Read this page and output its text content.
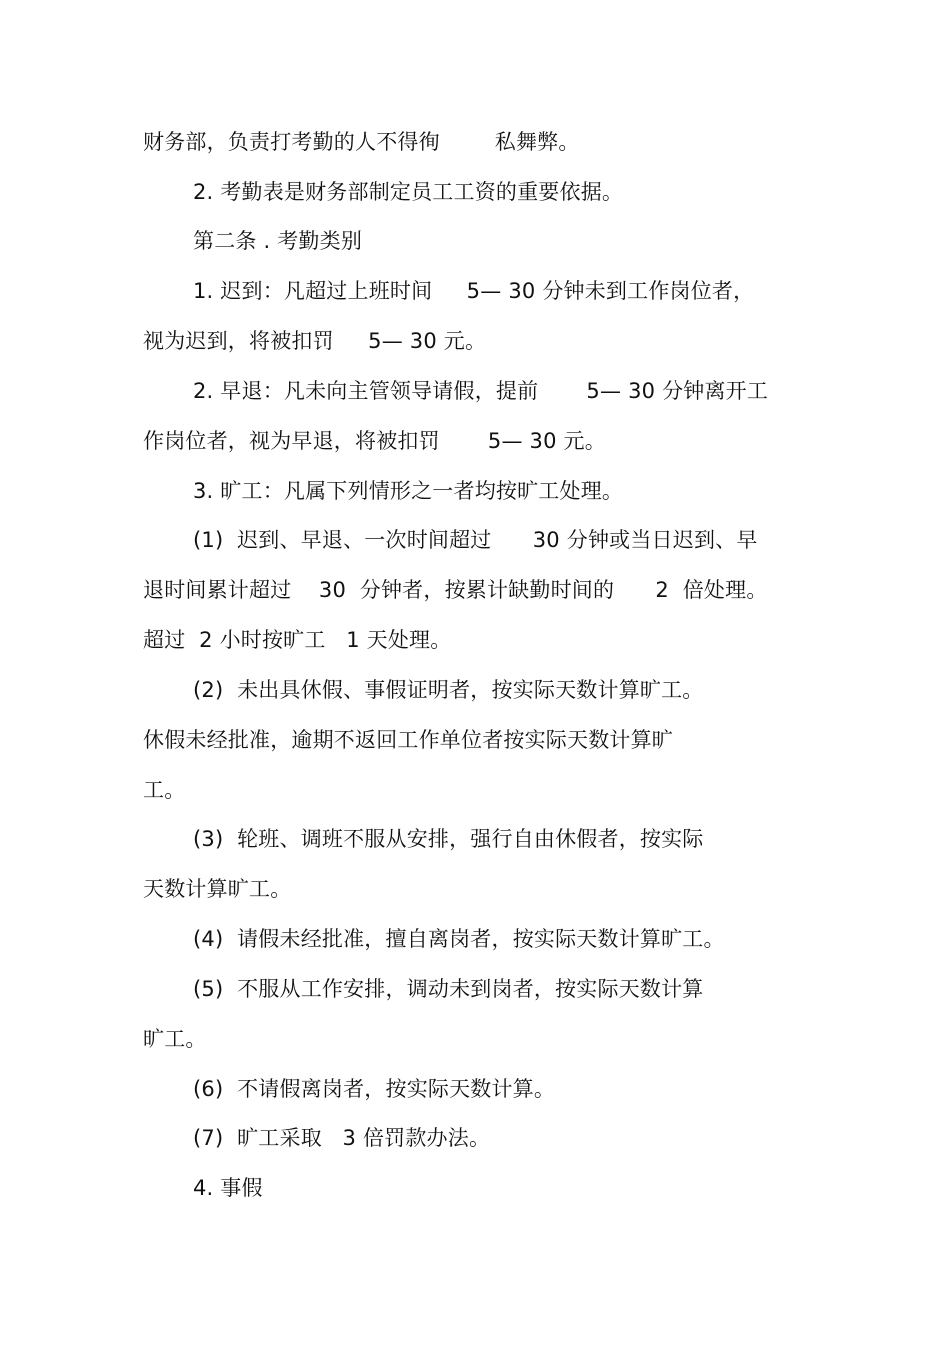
财务部，负责打考勤的人不得徇        私舞弊。
2. 考勤表是财务部制定员工工资的重要依据。
第二条 . 考勤类别
1. 迟到：凡超过上班时间     5— 30 分钟未到工作岗位者，
视为迟到，将被扣罚     5— 30 元。
2. 早退：凡未向主管领导请假，提前       5— 30 分钟离开工
作岗位者，视为早退，将被扣罚       5— 30 元。
3. 旷工：凡属下列情形之一者均按旷工处理。
(1)  迟到、早退、一次时间超过      30 分钟或当日迟到、早
退时间累计超过    30  分钟者，按累计缺勤时间的      2  倍处理。
超过  2 小时按旷工   1 天处理。
(2)  未出具休假、事假证明者，按实际天数计算旷工。
休假未经批准，逾期不返回工作单位者按实际天数计算旷
工。
(3)  轮班、调班不服从安排，强行自由休假者，按实际
天数计算旷工。
(4)  请假未经批准，擅自离岗者，按实际天数计算旷工。
(5)  不服从工作安排，调动未到岗者，按实际天数计算
旷工。
(6)  不请假离岗者，按实际天数计算。
(7)  旷工采取   3 倍罚款办法。
4. 事假
